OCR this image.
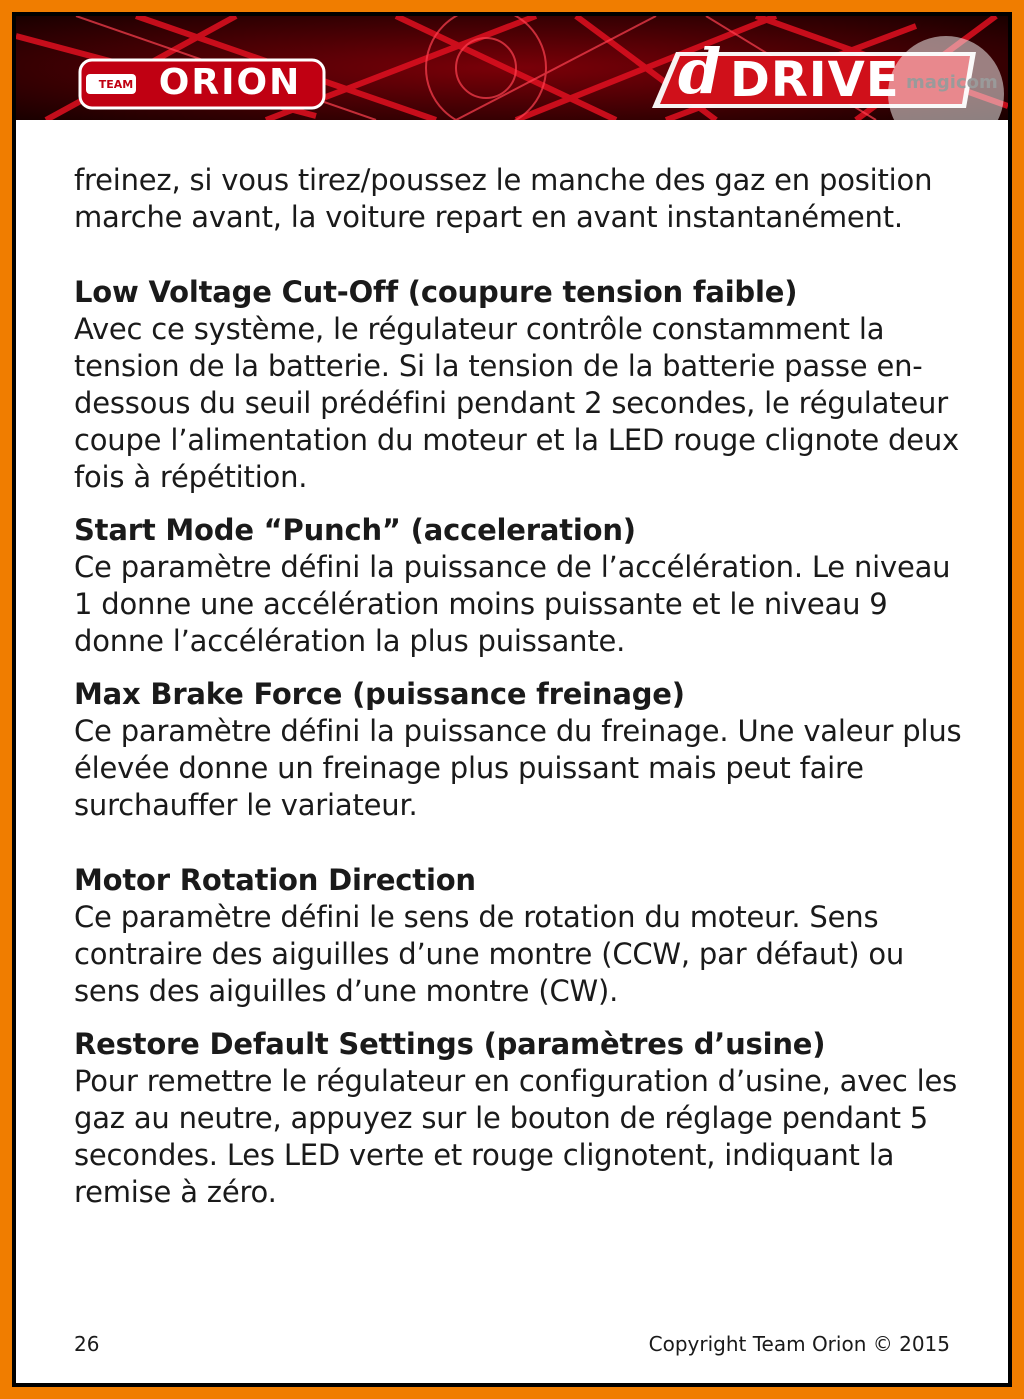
TEAM ORION	d DRIVE magicom

freinez, si vous tirez/poussez le manche des gaz en position marche avant, la voiture repart en avant instantanément.

Low Voltage Cut-Off (coupure tension faible)

Avec ce système, le régulateur contrôle constamment la tension de la batterie. Si la tension de la batterie passe en-dessous du seuil prédéfini pendant 2 secondes, le régulateur coupe l’alimentation du moteur et la LED rouge clignote deux fois à répétition.

Start Mode “Punch” (acceleration)

Ce paramètre défini la puissance de l’accélération. Le niveau 1 donne une accélération moins puissante et le niveau 9 donne l’accélération la plus puissante.

Max Brake Force (puissance freinage)

Ce paramètre défini la puissance du freinage. Une valeur plus élevée donne un freinage plus puissant mais peut faire surchauffer le variateur.

Motor Rotation Direction

Ce paramètre défini le sens de rotation du moteur. Sens contraire des aiguilles d’une montre (CCW, par défaut) ou sens des aiguilles d’une montre (CW).

Restore Default Settings (paramètres d’usine)

Pour remettre le régulateur en configuration d’usine, avec les gaz au neutre, appuyez sur le bouton de réglage pendant 5 secondes. Les LED verte et rouge clignotent, indiquant la remise à zéro.

26	Copyright Team Orion © 2015
